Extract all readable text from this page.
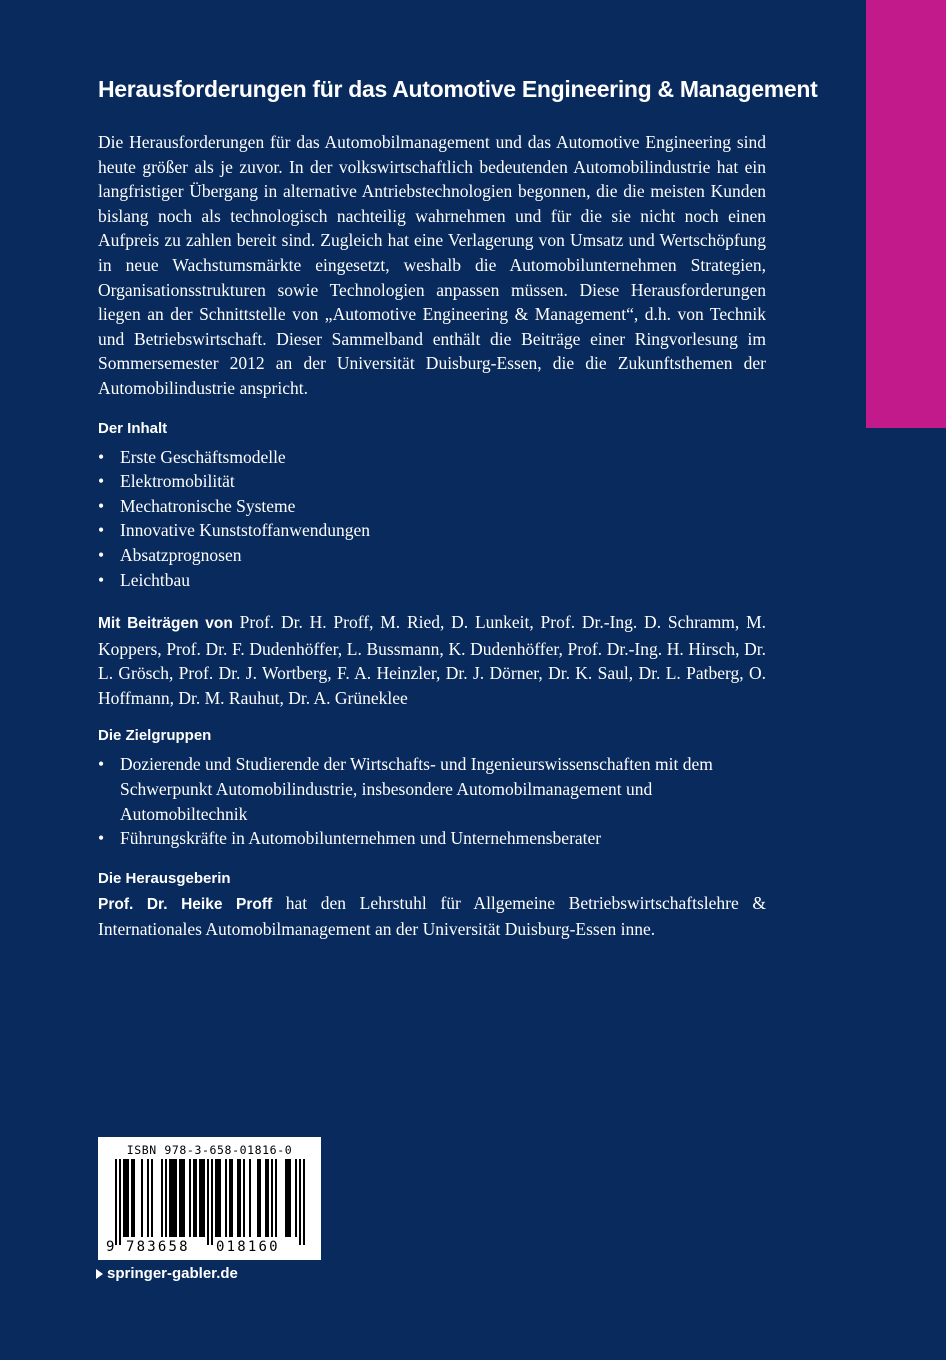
Herausforderungen für das Automotive Engineering & Management

Die Herausforderungen für das Automobilmanagement und das Automotive Engineering sind heute größer als je zuvor. In der volkswirtschaftlich bedeutenden Automobilindustrie hat ein langfristiger Übergang in alternative Antriebstechnologien begonnen, die die meisten Kunden bislang noch als technologisch nachteilig wahrnehmen und für die sie nicht noch einen Aufpreis zu zahlen bereit sind. Zugleich hat eine Verlagerung von Umsatz und Wertschöpfung in neue Wachstumsmärkte eingesetzt, weshalb die Automobilunternehmen Strategien, Organisationsstrukturen sowie Technologien anpassen müssen. Diese Herausforderungen liegen an der Schnittstelle von „Automotive Engineering & Management“, d.h. von Technik und Betriebswirtschaft. Dieser Sammelband enthält die Beiträge einer Ringvorlesung im Sommersemester 2012 an der Universität Duisburg-Essen, die die Zukunftsthemen der Automobilindustrie anspricht.

Der Inhalt
• Erste Geschäftsmodelle
• Elektromobilität
• Mechatronische Systeme
• Innovative Kunststoffanwendungen
• Absatzprognosen
• Leichtbau

Mit Beiträgen von Prof. Dr. H. Proff, M. Ried, D. Lunkeit, Prof. Dr.-Ing. D. Schramm, M. Koppers, Prof. Dr. F. Dudenhöffer, L. Bussmann, K. Dudenhöffer, Prof. Dr.-Ing. H. Hirsch, Dr. L. Grösch, Prof. Dr. J. Wortberg, F. A. Heinzler, Dr. J. Dörner, Dr. K. Saul, Dr. L. Patberg, O. Hoffmann, Dr. M. Rauhut, Dr. A. Grüneklee

Die Zielgruppen
• Dozierende und Studierende der Wirtschafts- und Ingenieurswissenschaften mit dem Schwerpunkt Automobilindustrie, insbesondere Automobilmanagement und Automobiltechnik
• Führungskräfte in Automobilunternehmen und Unternehmensberater
Die Herausgeberin

Prof. Dr. Heike Proff hat den Lehrstuhl für Allgemeine Betriebswirtschaftslehre & Internationales Automobilmanagement an der Universität Duisburg-Essen inne.

ISBN 978-3-658-01816-0
9 783658 018160
springer-gabler.de
